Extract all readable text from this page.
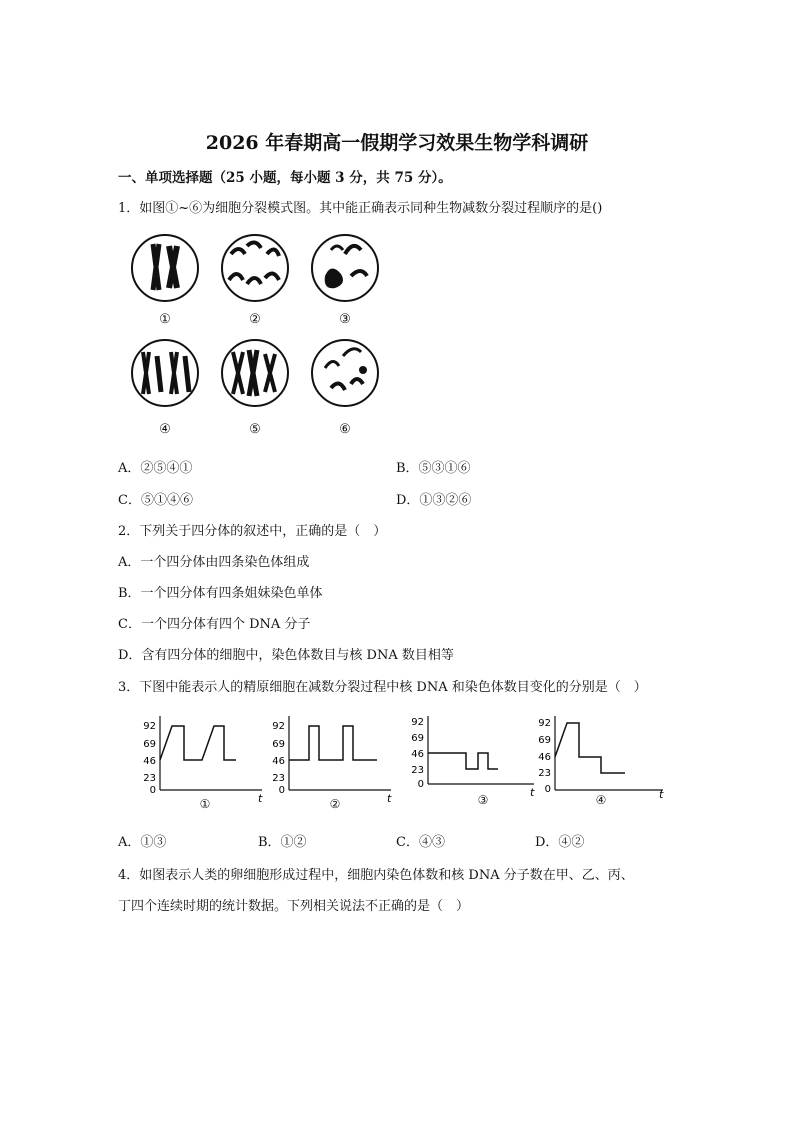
2026 年春期高一假期学习效果生物学科调研
一、单项选择题（25 小题，每小题 3 分，共 75 分）。
1．如图①~⑥为细胞分裂模式图。其中能正确表示同种生物减数分裂过程顺序的是()
①	②	③
④	⑤	⑥
A．②⑤④①	B．⑤③①⑥
C．⑤①④⑥	D．①③②⑥
2．下列关于四分体的叙述中，正确的是（　）
A．一个四分体由四条染色体组成
B．一个四分体有四条姐妹染色单体
C．一个四分体有四个 DNA 分子
D．含有四分体的细胞中，染色体数目与核 DNA 数目相等
3．下图中能表示人的精原细胞在减数分裂过程中核 DNA 和染色体数目变化的分别是（　）
92
69
46
23
0
t
92
69
46
23
0
t
92
69
46
23
0
t
92
69
46
23
0	t
①	②	③	④
A．①③	B．①②	C．④③	D．④②
4．如图表示人类的卵细胞形成过程中，细胞内染色体数和核 DNA 分子数在甲、乙、丙、
丁四个连续时期的统计数据。下列相关说法不正确的是（　）
